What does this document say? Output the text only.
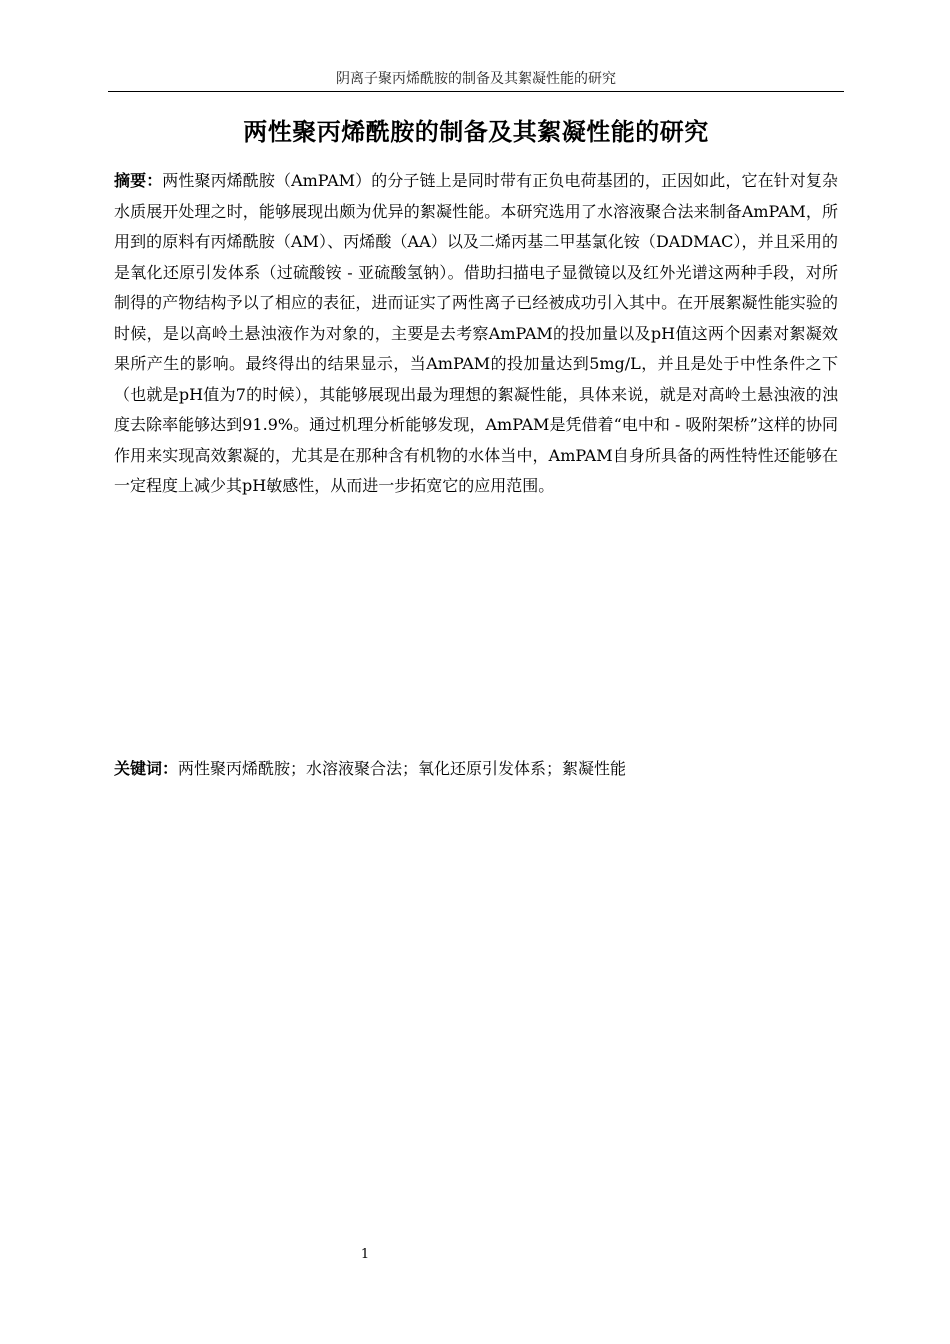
阴离子聚丙烯酰胺的制备及其絮凝性能的研究
两性聚丙烯酰胺的制备及其絮凝性能的研究

摘要：两性聚丙烯酰胺（AmPAM）的分子链上是同时带有正负电荷基团的，正因如此，它在针对复杂水质展开处理之时，能够展现出颇为优异的絮凝性能。本研究选用了水溶液聚合法来制备AmPAM，所用到的原料有丙烯酰胺（AM）、丙烯酸（AA）以及二烯丙基二甲基氯化铵（DADMAC），并且采用的是氧化还原引发体系（过硫酸铵 - 亚硫酸氢钠）。借助扫描电子显微镜以及红外光谱这两种手段，对所制得的产物结构予以了相应的表征，进而证实了两性离子已经被成功引入其中。在开展絮凝性能实验的时候，是以高岭土悬浊液作为对象的，主要是去考察AmPAM的投加量以及pH值这两个因素对絮凝效果所产生的影响。最终得出的结果显示，当AmPAM的投加量达到5mg/L，并且是处于中性条件之下（也就是pH值为7的时候），其能够展现出最为理想的絮凝性能，具体来说，就是对高岭土悬浊液的浊度去除率能够达到91.9%。通过机理分析能够发现，AmPAM是凭借着“电中和 - 吸附架桥”这样的协同作用来实现高效絮凝的，尤其是在那种含有机物的水体当中，AmPAM自身所具备的两性特性还能够在一定程度上减少其pH敏感性，从而进一步拓宽它的应用范围。

关键词：两性聚丙烯酰胺；水溶液聚合法；氧化还原引发体系；絮凝性能

1
